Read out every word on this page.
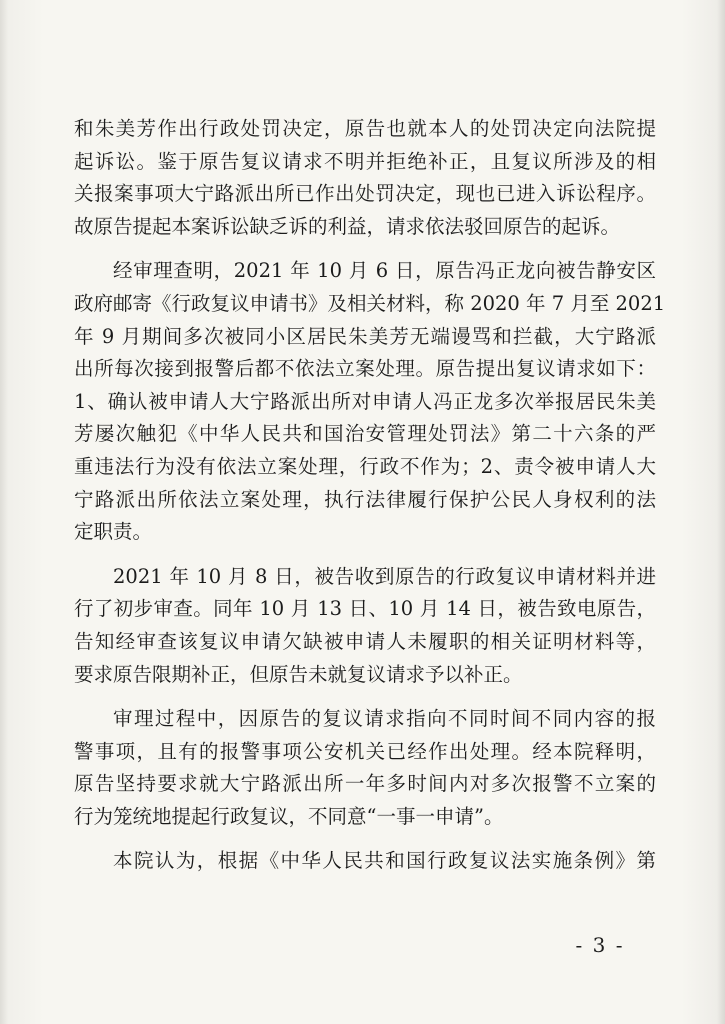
和朱美芳作出行政处罚决定，原告也就本人的处罚决定向法院提
起诉讼。鉴于原告复议请求不明并拒绝补正，且复议所涉及的相
关报案事项大宁路派出所已作出处罚决定，现也已进入诉讼程序。
故原告提起本案诉讼缺乏诉的利益，请求依法驳回原告的起诉。
经审理查明，2021 年 10 月 6 日，原告冯正龙向被告静安区
政府邮寄《行政复议申请书》及相关材料，称 2020 年 7 月至 2021
年 9 月期间多次被同小区居民朱美芳无端谩骂和拦截，大宁路派
出所每次接到报警后都不依法立案处理。原告提出复议请求如下：
1、确认被申请人大宁路派出所对申请人冯正龙多次举报居民朱美
芳屡次触犯《中华人民共和国治安管理处罚法》第二十六条的严
重违法行为没有依法立案处理，行政不作为；2、责令被申请人大
宁路派出所依法立案处理，执行法律履行保护公民人身权利的法
定职责。
2021 年 10 月 8 日，被告收到原告的行政复议申请材料并进
行了初步审查。同年 10 月 13 日、10 月 14 日，被告致电原告，
告知经审查该复议申请欠缺被申请人未履职的相关证明材料等，
要求原告限期补正，但原告未就复议请求予以补正。
审理过程中，因原告的复议请求指向不同时间不同内容的报
警事项，且有的报警事项公安机关已经作出处理。经本院释明，
原告坚持要求就大宁路派出所一年多时间内对多次报警不立案的
行为笼统地提起行政复议，不同意“一事一申请”。
本院认为，根据《中华人民共和国行政复议法实施条例》第
- 3 -
